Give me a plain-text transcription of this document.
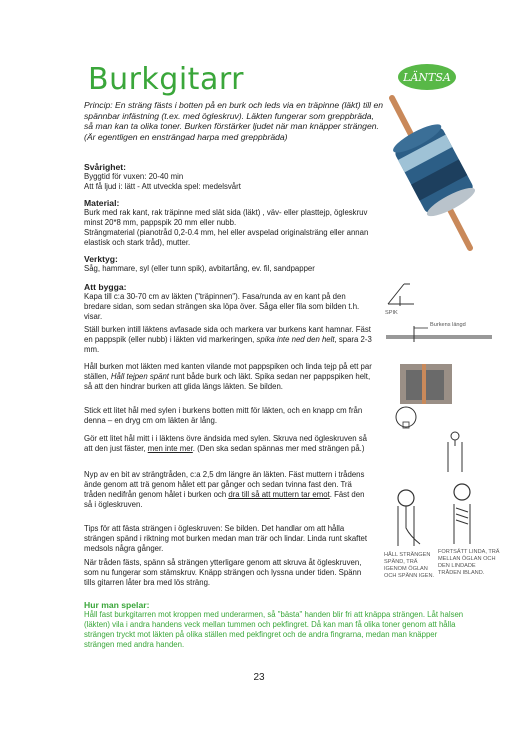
Burkgitarr	LÄNTSA
Princip: En sträng fästs i botten på en burk och leds via en träpinne (läkt) till en spännbar infästning (t.ex. med ögleskruv). Läkten fungerar som greppbräda, så man kan ta olika toner. Burken förstärker ljudet när man knäpper strängen. (Är egentligen en ensträngad harpa med greppbräda)
Svårighet:
Byggtid för vuxen: 20-40 min
Att få ljud i: lätt - Att utveckla spel: medelsvårt
Material:
Burk med rak kant, rak träpinne med slät sida (läkt) , väv- eller plasttejp, ögleskruv minst 20*8 mm, pappspik 20 mm eller nubb.
Strängmaterial (pianotråd 0,2-0.4 mm, hel eller avspelad originalsträng eller annan elastisk och stark tråd), mutter.
Verktyg:
Såg, hammare, syl (eller tunn spik), avbitartång, ev. fil, sandpapper
Att bygga:
Kapa till c:a 30-70 cm av läkten ("träpinnen"). Fasa/runda av en kant på den bredare sidan, som sedan strängen ska löpa över. Såga eller fila som bilden t.h. visar.
Ställ burken intill läktens avfasade sida och markera var burkens kant hamnar. Fäst en pappspik (eller nubb) i läkten vid markeringen, spika inte ned den helt, spara 2-3 mm.
Håll burken mot läkten med kanten vilande mot pappspiken och linda tejp på ett par ställen, Håll tejpen spänt runt både burk och läkt. Spika sedan ner pappspiken helt, så att den hindrar burken att glida längs läkten. Se bilden.
Stick ett litet hål med sylen i burkens botten mitt för läkten, och en knapp cm från denna – en dryg cm om läkten är lång.
Gör ett litet hål mitt i i läktens övre ändsida med sylen. Skruva ned ögleskruven så att den just fäster, men inte mer. (Den ska sedan spännas mer med strängen på.)
Nyp av en bit av strängtråden, c:a 2,5 dm längre än läkten. Fäst muttern i trådens ände genom att trä genom hålet ett par gånger och sedan tvinna fast den. Trä tråden nedifrån genom hålet i burken och dra till så att muttern tar emot. Fäst den så i ögleskruven.
Tips för att fästa strängen i ögleskruven: Se bilden. Det handlar om att hålla strängen spänd i riktning mot burken medan man trär och lindar. Linda runt skaftet medsols några gånger.
När tråden fästs, spänn så strängen ytterligare genom att skruva åt ögleskruven, som nu fungerar som stämskruv. Knäpp strängen och lyssna under tiden. Spänn tills gitarren låter bra med lös sträng.
Hur man spelar:
Håll fast burkgitarren mot kroppen med underarmen, så "bästa" handen blir fri att knäppa strängen. Låt halsen (läkten) vila i andra handens veck mellan tummen och pekfingret. Då kan man få olika toner genom att hålla strängen tryckt mot läkten på olika ställen med pekfingret och de andra fingrarna, medan man knäpper strängen med andra handen.
SPIK
Burkens längd
HÅLL STRÄNGEN SPÄND, TRÄ IGENOM ÖGLAN OCH SPÄNN IGEN.
FORTSÄTT LINDA, TRÄ MELLAN ÖGLAN OCH DEN LINDADE TRÅDEN IBLAND.
23
